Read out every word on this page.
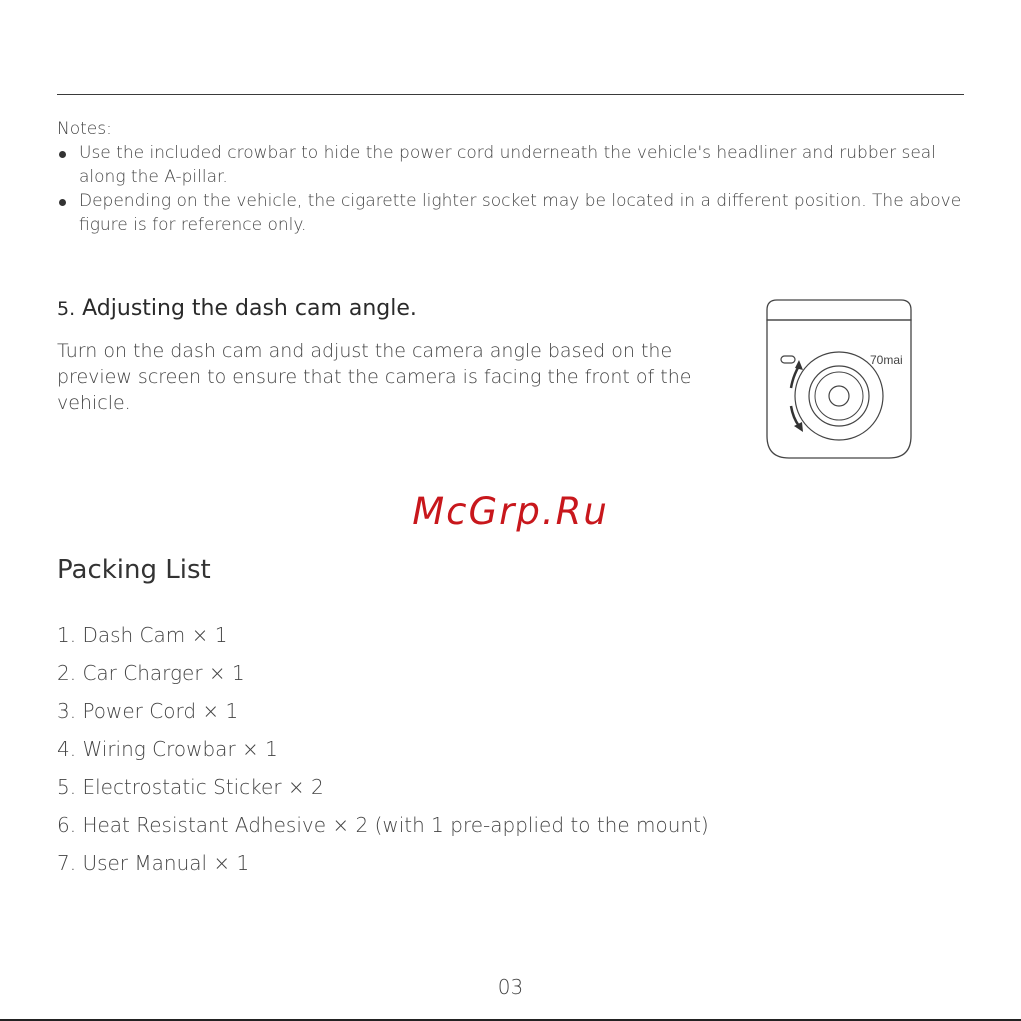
Notes:
Use the included crowbar to hide the power cord underneath the vehicle's headliner and rubber seal along the A-pillar.
Depending on the vehicle, the cigarette lighter socket may be located in a different position. The above figure is for reference only.
5. Adjusting the dash cam angle.
Turn on the dash cam and adjust the camera angle based on the preview screen to ensure that the camera is facing the front of the vehicle.
70mai
McGrp.Ru
Packing List
1. Dash Cam × 1
2. Car Charger × 1
3. Power Cord × 1
4. Wiring Crowbar × 1
5. Electrostatic Sticker × 2
6. Heat Resistant Adhesive × 2 (with 1 pre-applied to the mount)
7. User Manual × 1
03
